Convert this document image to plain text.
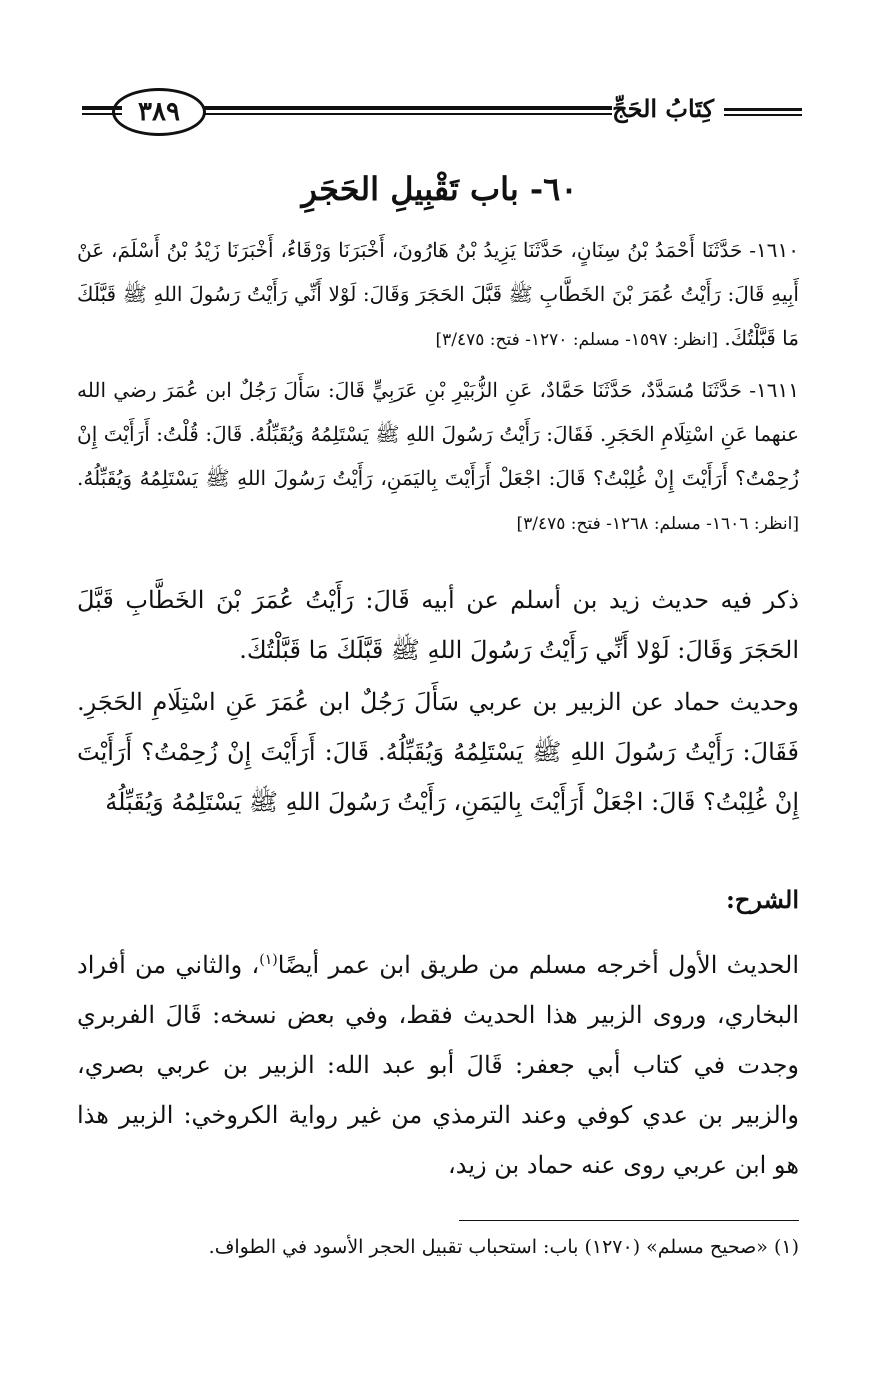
كِتَابُ الحَجِّ
٣٨٩
٦٠- باب تَقْبِيلِ الحَجَرِ
١٦١٠- حَدَّثَنَا أَحْمَدُ بْنُ سِنَانٍ، حَدَّثَنَا يَزِيدُ بْنُ هَارُونَ، أَخْبَرَنَا وَرْقَاءُ، أَخْبَرَنَا زَيْدُ بْنُ أَسْلَمَ، عَنْ أَبِيهِ قَالَ: رَأَيْتُ عُمَرَ بْنَ الخَطَّابِ ﷺ قَبَّلَ الحَجَرَ وَقَالَ: لَوْلا أَنِّي رَأَيْتُ رَسُولَ اللهِ ﷺ قَبَّلَكَ مَا قَبَّلْتُكَ. [انظر: ١٥٩٧- مسلم: ١٢٧٠- فتح: ٣/٤٧٥]
١٦١١- حَدَّثَنَا مُسَدَّدٌ، حَدَّثَنَا حَمَّادٌ، عَنِ الزُّبَيْرِ بْنِ عَرَبِيٍّ قَالَ: سَأَلَ رَجُلٌ ابن عُمَرَ رضي الله عنهما عَنِ اسْتِلَامِ الحَجَرِ. فَقَالَ: رَأَيْتُ رَسُولَ اللهِ ﷺ يَسْتَلِمُهُ وَيُقَبِّلُهُ. قَالَ: قُلْتُ: أَرَأَيْتَ إِنْ زُحِمْتُ؟ أَرَأَيْتَ إِنْ غُلِبْتُ؟ قَالَ: اجْعَلْ أَرَأَيْتَ بِاليَمَنِ، رَأَيْتُ رَسُولَ اللهِ ﷺ يَسْتَلِمُهُ وَيُقَبِّلُهُ. [انظر: ١٦٠٦- مسلم: ١٢٦٨- فتح: ٣/٤٧٥]
ذكر فيه حديث زيد بن أسلم عن أبيه قَالَ: رَأَيْتُ عُمَرَ بْنَ الخَطَّابِ قَبَّلَ الحَجَرَ وَقَالَ: لَوْلا أَنِّي رَأَيْتُ رَسُولَ اللهِ ﷺ قَبَّلَكَ مَا قَبَّلْتُكَ.
وحديث حماد عن الزبير بن عربي سَأَلَ رَجُلٌ ابن عُمَرَ عَنِ اسْتِلَامِ الحَجَرِ. فَقَالَ: رَأَيْتُ رَسُولَ اللهِ ﷺ يَسْتَلِمُهُ وَيُقَبِّلُهُ. قَالَ: أَرَأَيْتَ إِنْ زُحِمْتُ؟ أَرَأَيْتَ إِنْ غُلِبْتُ؟ قَالَ: اجْعَلْ أَرَأَيْتَ بِاليَمَنِ، رَأَيْتُ رَسُولَ اللهِ ﷺ يَسْتَلِمُهُ وَيُقَبِّلُهُ
الشرح:
الحديث الأول أخرجه مسلم من طريق ابن عمر أيضًا$^{(١)}$، والثاني من أفراد البخاري، وروى الزبير هذا الحديث فقط، وفي بعض نسخه: قَالَ الفربري وجدت في كتاب أبي جعفر: قَالَ أبو عبد الله: الزبير بن عربي بصري، والزبير بن عدي كوفي وعند الترمذي من غير رواية الكروخي: الزبير هذا هو ابن عربي روى عنه حماد بن زيد،
(١) «صحيح مسلم» (١٢٧٠) باب: استحباب تقبيل الحجر الأسود في الطواف.
